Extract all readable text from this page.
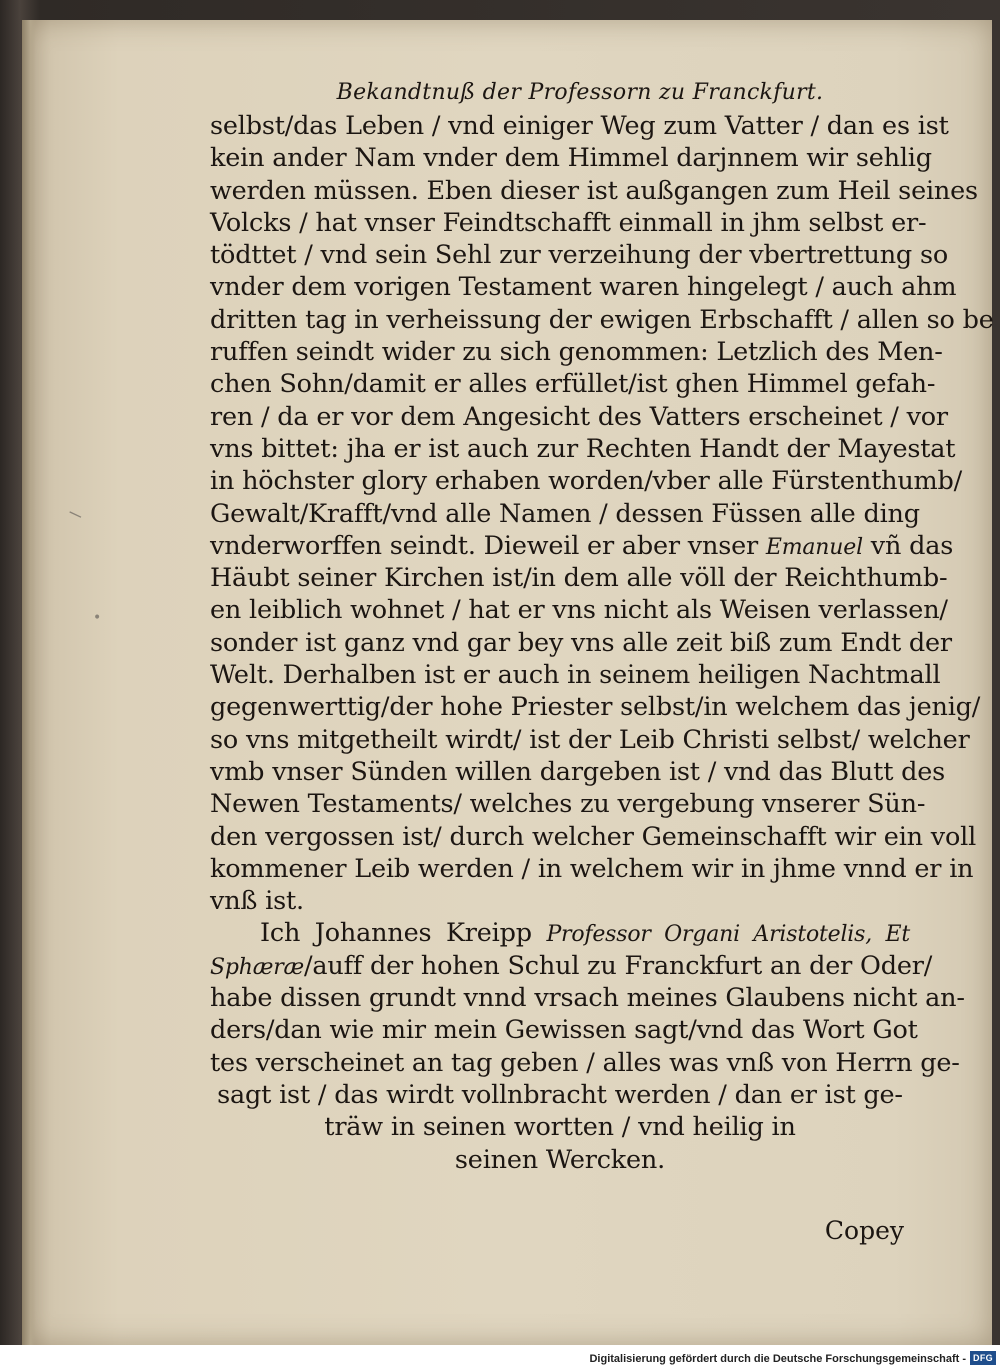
⸌
•
Bekandtnuß der Professorn zu Franckfurt.
selbst/das Leben / vnd einiger Weg zum Vatter / dan es ist
kein ander Nam vnder dem Himmel darjnnem wir sehlig
werden müssen. Eben dieser ist außgangen zum Heil seines
Volcks / hat vnser Feindtschafft einmall in jhm selbst er-
tödttet / vnd sein Sehl zur verzeihung der vbertrettung so
vnder dem vorigen Testament waren hingelegt / auch ahm
dritten tag in verheissung der ewigen Erbschafft / allen so be
ruffen seindt wider zu sich genommen: Letzlich des Men-
chen Sohn/damit er alles erfüllet/ist ghen Himmel gefah-
ren / da er vor dem Angesicht des Vatters erscheinet / vor
vns bittet: jha er ist auch zur Rechten Handt der Mayestat
in höchster glory erhaben worden/vber alle Fürstenthumb/
Gewalt/Krafft/vnd alle Namen / dessen Füssen alle ding
vnderworffen seindt. Dieweil er aber vnser Emanuel vñ das
Häubt seiner Kirchen ist/in dem alle völl der Reichthumb-
en leiblich wohnet / hat er vns nicht als Weisen verlassen/
sonder ist ganz vnd gar bey vns alle zeit biß zum Endt der
Welt. Derhalben ist er auch in seinem heiligen Nachtmall
gegenwerttig/der hohe Priester selbst/in welchem das jenig/
so vns mitgetheilt wirdt/ ist der Leib Christi selbst/ welcher
vmb vnser Sünden willen dargeben ist / vnd das Blutt des
Newen Testaments/ welches zu vergebung vnserer Sün-
den vergossen ist/ durch welcher Gemeinschafft wir ein voll
kommener Leib werden / in welchem wir in jhme vnnd er in
vnß ist.
Ich Johannes Kreipp Professor Organi Aristotelis, Et
Sphæræ/auff der hohen Schul zu Franckfurt an der Oder/
habe dissen grundt vnnd vrsach meines Glaubens nicht an-
ders/dan wie mir mein Gewissen sagt/vnd das Wort Got
tes verscheinet an tag geben / alles was vnß von Herrn ge-
sagt ist / das wirdt vollnbracht werden / dan er ist ge-
träw in seinen wortten / vnd heilig in
seinen Wercken.
Copey
Digitalisierung gefördert durch die Deutsche Forschungsgemeinschaft - DFG
